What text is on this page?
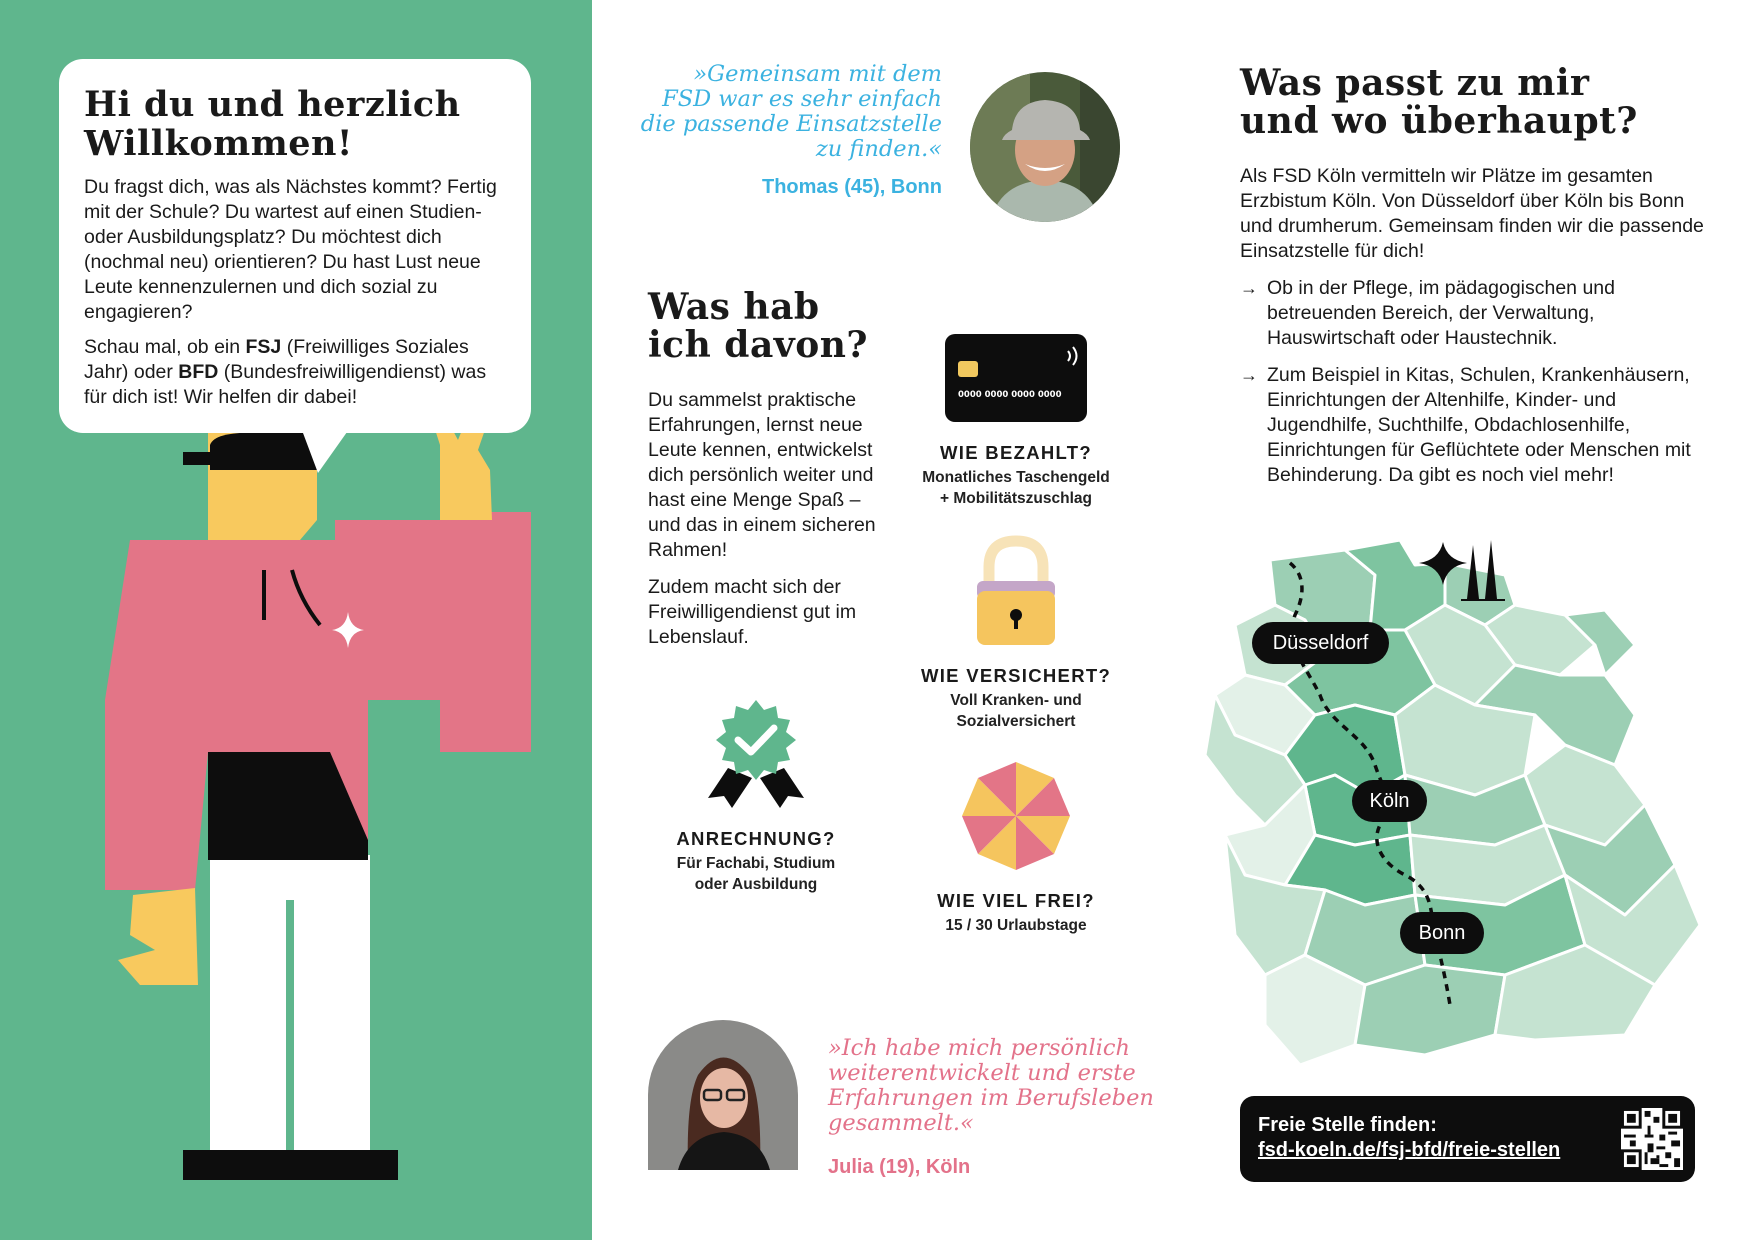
Hi du und herzlich
Willkommen!

Du fragst dich, was als Nächstes kommt? Fertig mit der Schule? Du wartest auf einen Studien- oder Ausbildungsplatz? Du möchtest dich (nochmal neu) orientieren? Du hast Lust neue Leute kennenzulernen und dich sozial zu engagieren?

Schau mal, ob ein FSJ (Freiwilliges Soziales Jahr) oder BFD (Bundesfreiwilligendienst) was für dich ist! Wir helfen dir dabei!

»Gemeinsam mit dem FSD war es sehr einfach die passende Einsatzstelle zu finden.«
Thomas (45), Bonn
Was hab
ich davon?

Du sammelst praktische Erfahrungen, lernst neue Leute kennen, entwickelst dich persönlich weiter und hast eine Menge Spaß – und das in einem sicheren Rahmen!

Zudem macht sich der Freiwilligendienst gut im Lebenslauf.

0000 0000 0000 0000
WIE BEZAHLT?
Monatliches Taschengeld
+ Mobilitätszuschlag
WIE VERSICHERT?
Voll Kranken- und
Sozialversichert
ANRECHNUNG?
Für Fachabi, Studium
oder Ausbildung
WIE VIEL FREI?
15 / 30 Urlaubstage
»Ich habe mich persönlich weiterentwickelt und erste Erfahrungen im Berufsleben gesammelt.«
Julia (19), Köln
Was passt zu mir
und wo überhaupt?

Als FSD Köln vermitteln wir Plätze im gesamten Erzbistum Köln. Von Düsseldorf über Köln bis Bonn und drumherum. Gemeinsam finden wir die passende Einsatzstelle für dich!

→ Ob in der Pflege, im pädagogischen und betreuenden Bereich, der Verwaltung, Hauswirtschaft oder Haustechnik.
→ Zum Beispiel in Kitas, Schulen, Krankenhäusern, Einrichtungen der Altenhilfe, Kinder- und Jugendhilfe, Suchthilfe, Obdachlosenhilfe, Einrichtungen für Geflüchtete oder Menschen mit Behinderung. Da gibt es noch viel mehr!
Düsseldorf
Köln
Bonn
Freie Stelle finden:
fsd-koeln.de/fsj-bfd/freie-stellen
